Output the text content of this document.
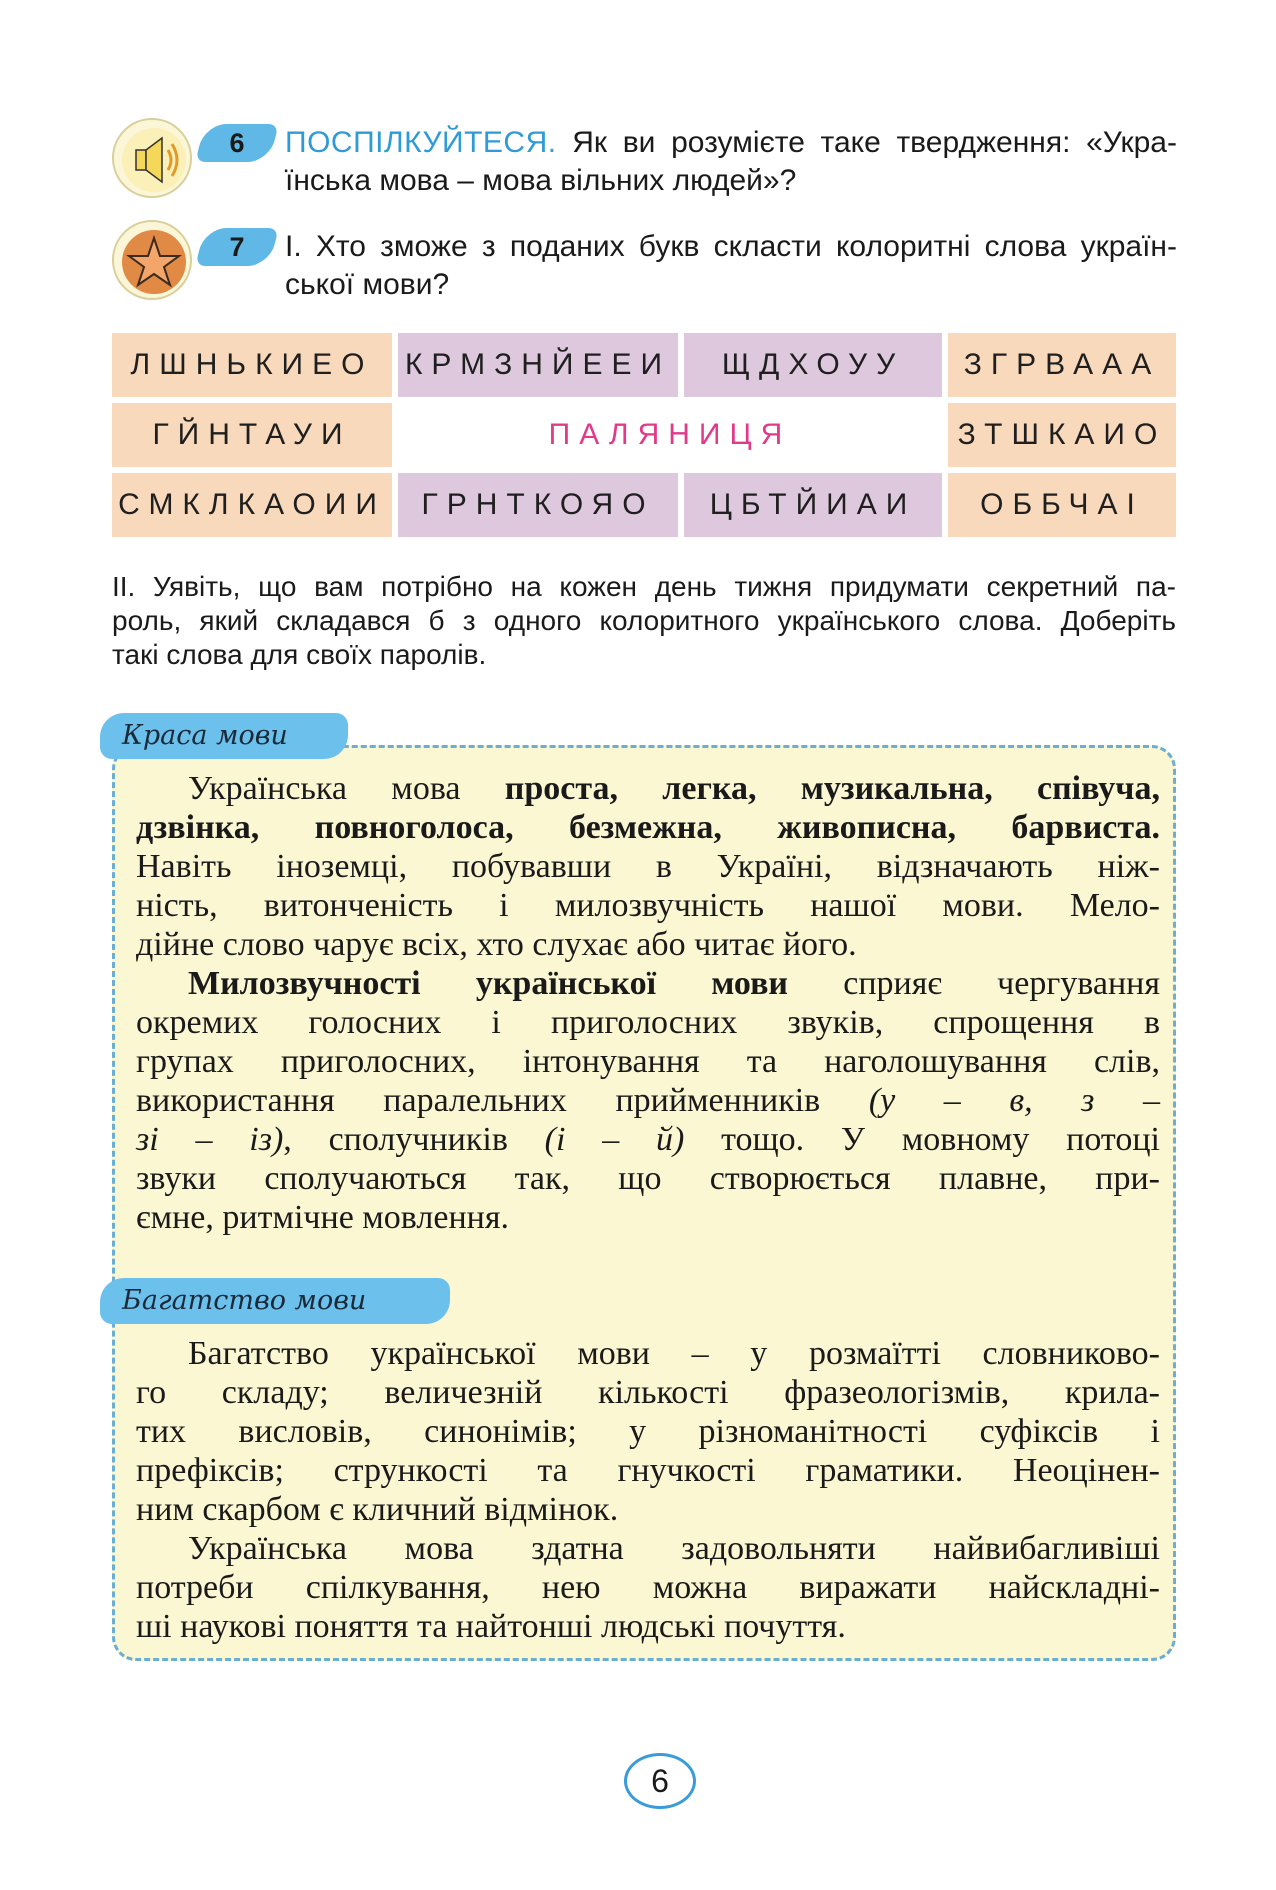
6	ПОСПІЛКУЙТЕСЯ. Як ви розумієте таке твердження: «Укра-
їнська мова – мова вільних людей»?
7	І. Хто зможе з поданих букв скласти колоритні слова україн-
ської мови?
ЛШНЬКИЕО	КРМЗНЙЕЕИ	ЩДХОУУ	ЗГРВААА
ГЙНТАУИ	ПАЛЯНИЦЯ	ЗТШКАИО
СМКЛКАОИИ	ГРНТКОЯО	ЦБТЙИАИ	ОББЧАІ
ІІ. Уявіть, що вам потрібно на кожен день тижня придумати секретний па-
роль, який складався б з одного колоритного українського слова. Доберіть
такі слова для своїх паролів.
Краса мови
Українська мова проста, легка, музикальна, співуча,
дзвінка, повноголоса, безмежна, живописна, барвиста.
Навіть іноземці, побувавши в Україні, відзначають ніж-
ність, витонченість і милозвучність нашої мови. Мело-
дійне слово чарує всіх, хто слухає або читає його.
Милозвучності української мови сприяє чергування
окремих голосних і приголосних звуків, спрощення в
групах приголосних, інтонування та наголошування слів,
використання паралельних прийменників (у – в, з –
зі – із), сполучників (і – й) тощо. У мовному потоці
звуки сполучаються так, що створюється плавне, при-
ємне, ритмічне мовлення.
Багатство мови
Багатство української мови – у розмаїтті словниково-
го складу; величезній кількості фразеологізмів, крила-
тих висловів, синонімів; у різноманітності суфіксів і
префіксів; стрункості та гнучкості граматики. Неоцінен-
ним скарбом є кличний відмінок.
Українська мова здатна задовольняти найвибагливіші
потреби спілкування, нею можна виражати найскладні-
ші наукові поняття та найтонші людські почуття.
6
